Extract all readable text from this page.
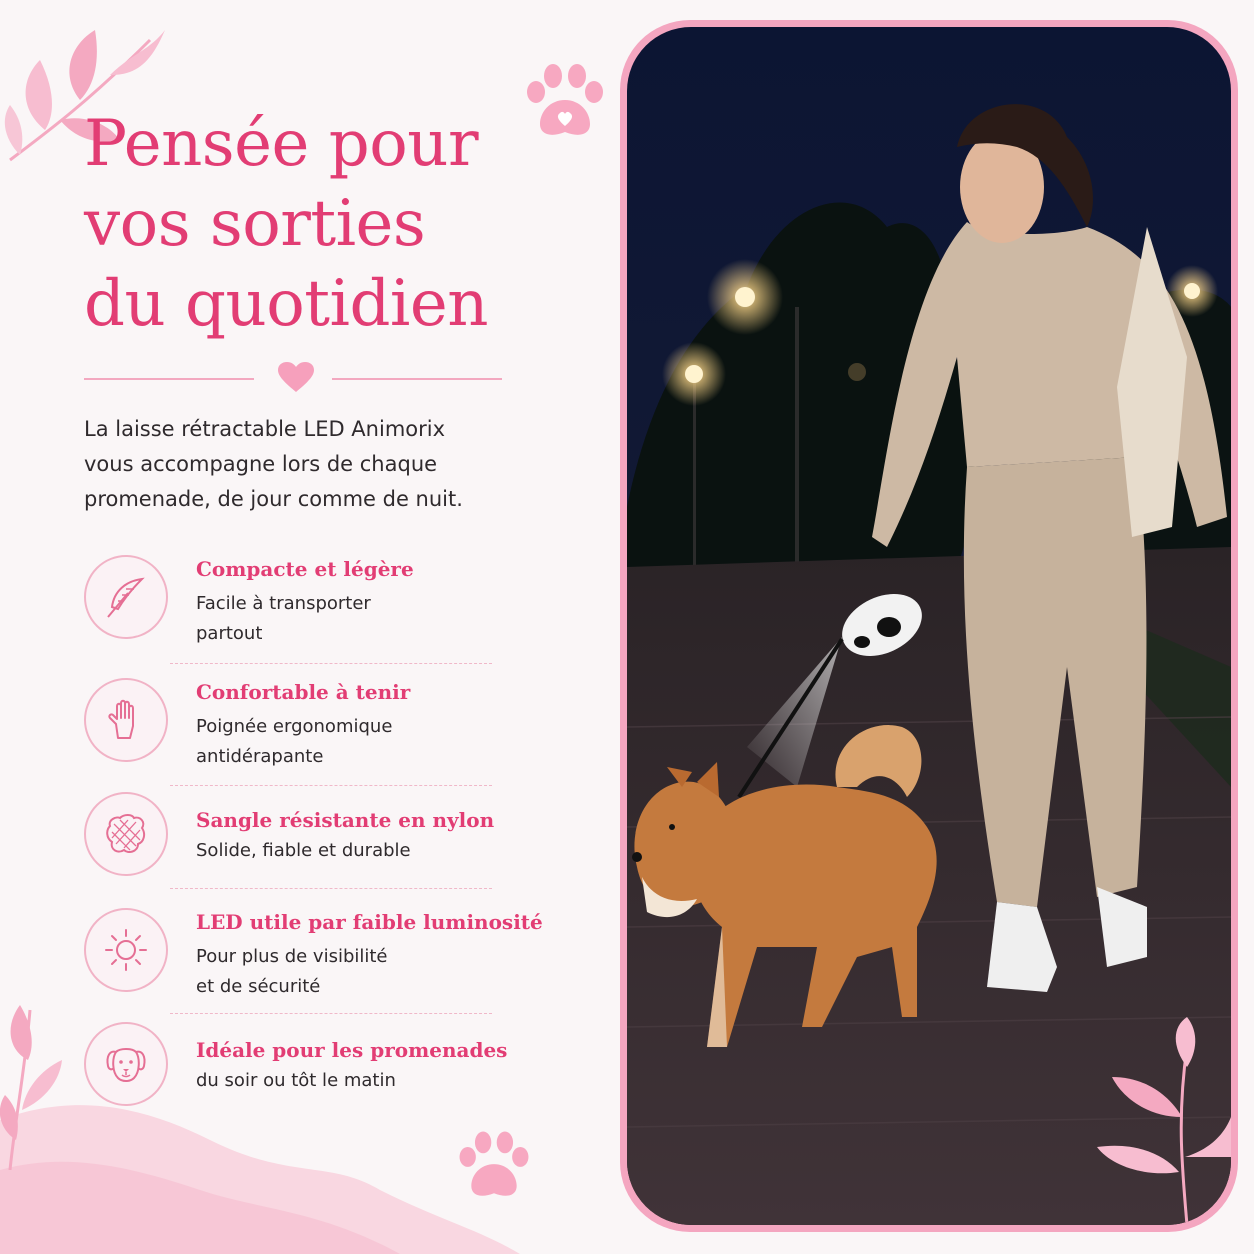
Pensée pour
vos sorties
du quotidien

La laisse rétractable LED Animorix
vous accompagne lors de chaque
promenade, de jour comme de nuit.

Compacte et légère
Facile à transporter
partout
Confortable à tenir
Poignée ergonomique
antidérapante
Sangle résistante en nylon
Solide, fiable et durable
LED utile par faible luminosité
Pour plus de visibilité
et de sécurité
Idéale pour les promenades
du soir ou tôt le matin
